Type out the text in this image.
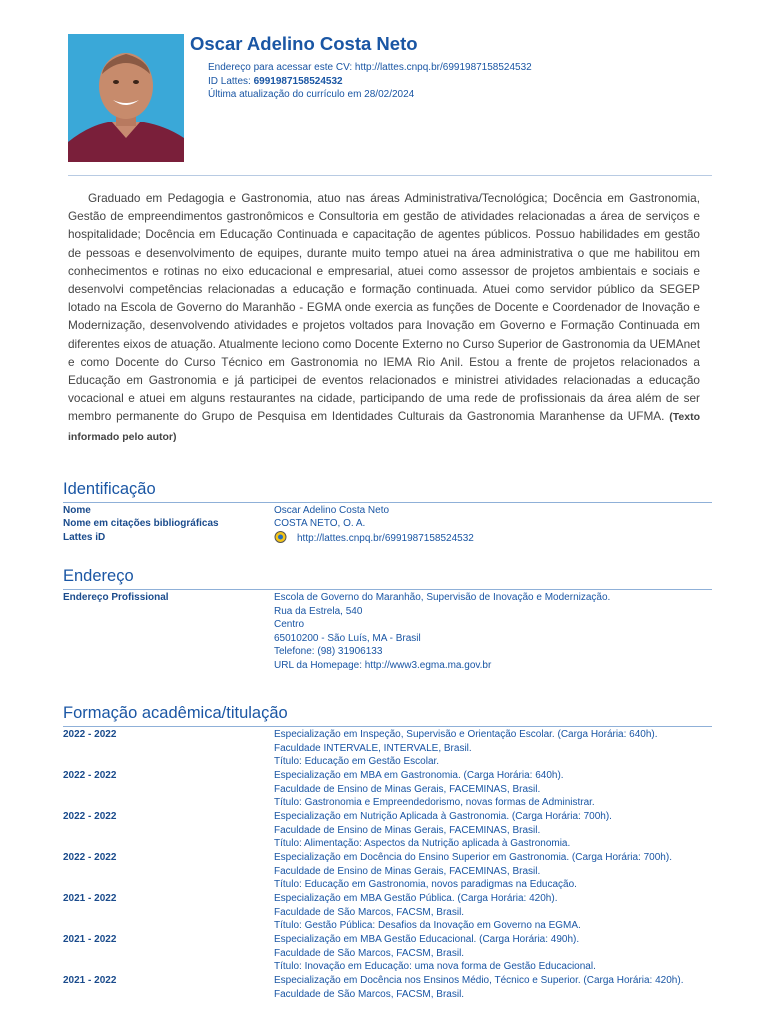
Oscar Adelino Costa Neto
Endereço para acessar este CV: http://lattes.cnpq.br/6991987158524532
ID Lattes: 6991987158524532
Última atualização do currículo em 28/02/2024
Graduado em Pedagogia e Gastronomia, atuo nas áreas Administrativa/Tecnológica; Docência em Gastronomia, Gestão de empreendimentos gastronômicos e Consultoria em gestão de atividades relacionadas a área de serviços e hospitalidade; Docência em Educação Continuada e capacitação de agentes públicos. Possuo habilidades em gestão de pessoas e desenvolvimento de equipes, durante muito tempo atuei na área administrativa o que me habilitou em conhecimentos e rotinas no eixo educacional e empresarial, atuei como assessor de projetos ambientais e sociais e desenvolvi competências relacionadas a educação e formação continuada. Atuei como servidor público da SEGEP lotado na Escola de Governo do Maranhão - EGMA onde exercia as funções de Docente e Coordenador de Inovação e Modernização, desenvolvendo atividades e projetos voltados para Inovação em Governo e Formação Continuada em diferentes eixos de atuação. Atualmente leciono como Docente Externo no Curso Superior de Gastronomia da UEMAnet e como Docente do Curso Técnico em Gastronomia no IEMA Rio Anil. Estou a frente de projetos relacionados a Educação em Gastronomia e já participei de eventos relacionados e ministrei atividades relacionadas a educação vocacional e atuei em alguns restaurantes na cidade, participando de uma rede de profissionais da área além de ser membro permanente do Grupo de Pesquisa em Identidades Culturais da Gastronomia Maranhense da UFMA. (Texto informado pelo autor)
Identificação
Nome	Oscar Adelino Costa Neto
Nome em citações bibliográficas	COSTA NETO, O. A.
Lattes iD	http://lattes.cnpq.br/6991987158524532
Endereço
Endereço Profissional	Escola de Governo do Maranhão, Supervisão de Inovação e Modernização.
Rua da Estrela, 540
Centro
65010200 - São Luís, MA - Brasil
Telefone: (98) 31906133
URL da Homepage: http://www3.egma.ma.gov.br
Formação acadêmica/titulação
2022 - 2022	Especialização em Inspeção, Supervisão e Orientação Escolar. (Carga Horária: 640h).
Faculdade INTERVALE, INTERVALE, Brasil.
Título: Educação em Gestão Escolar.
2022 - 2022	Especialização em MBA em Gastronomia. (Carga Horária: 640h).
Faculdade de Ensino de Minas Gerais, FACEMINAS, Brasil.
Título: Gastronomia e Empreendedorismo, novas formas de Administrar.
2022 - 2022	Especialização em Nutrição Aplicada à Gastronomia. (Carga Horária: 700h).
Faculdade de Ensino de Minas Gerais, FACEMINAS, Brasil.
Título: Alimentação: Aspectos da Nutrição aplicada à Gastronomia.
2022 - 2022	Especialização em Docência do Ensino Superior em Gastronomia. (Carga Horária: 700h).
Faculdade de Ensino de Minas Gerais, FACEMINAS, Brasil.
Título: Educação em Gastronomia, novos paradigmas na Educação.
2021 - 2022	Especialização em MBA Gestão Pública. (Carga Horária: 420h).
Faculdade de São Marcos, FACSM, Brasil.
Título: Gestão Pública: Desafios da Inovação em Governo na EGMA.
2021 - 2022	Especialização em MBA Gestão Educacional. (Carga Horária: 490h).
Faculdade de São Marcos, FACSM, Brasil.
Título: Inovação em Educação: uma nova forma de Gestão Educacional.
2021 - 2022	Especialização em Docência nos Ensinos Médio, Técnico e Superior. (Carga Horária: 420h).
Faculdade de São Marcos, FACSM, Brasil.
